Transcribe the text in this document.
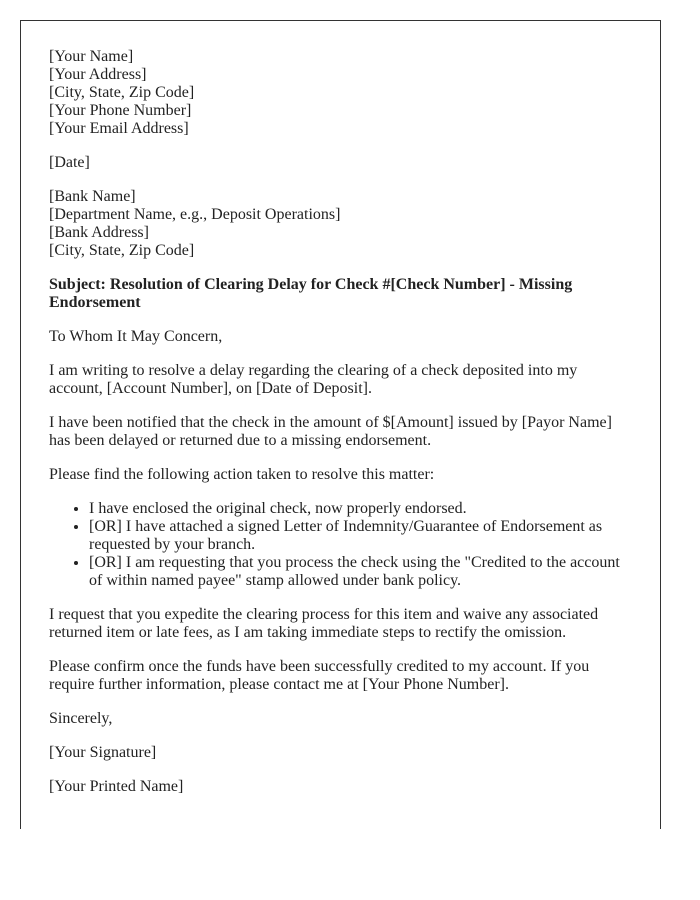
[Your Name]
[Your Address]
[City, State, Zip Code]
[Your Phone Number]
[Your Email Address]

[Date]

[Bank Name]
[Department Name, e.g., Deposit Operations]
[Bank Address]
[City, State, Zip Code]

Subject: Resolution of Clearing Delay for Check #[Check Number] - Missing Endorsement

To Whom It May Concern,

I am writing to resolve a delay regarding the clearing of a check deposited into my account, [Account Number], on [Date of Deposit].

I have been notified that the check in the amount of $[Amount] issued by [Payor Name] has been delayed or returned due to a missing endorsement.

Please find the following action taken to resolve this matter:

• I have enclosed the original check, now properly endorsed.
• [OR] I have attached a signed Letter of Indemnity/Guarantee of Endorsement as requested by your branch.
• [OR] I am requesting that you process the check using the "Credited to the account of within named payee" stamp allowed under bank policy.

I request that you expedite the clearing process for this item and waive any associated returned item or late fees, as I am taking immediate steps to rectify the omission.

Please confirm once the funds have been successfully credited to my account. If you require further information, please contact me at [Your Phone Number].

Sincerely,

[Your Signature]

[Your Printed Name]
